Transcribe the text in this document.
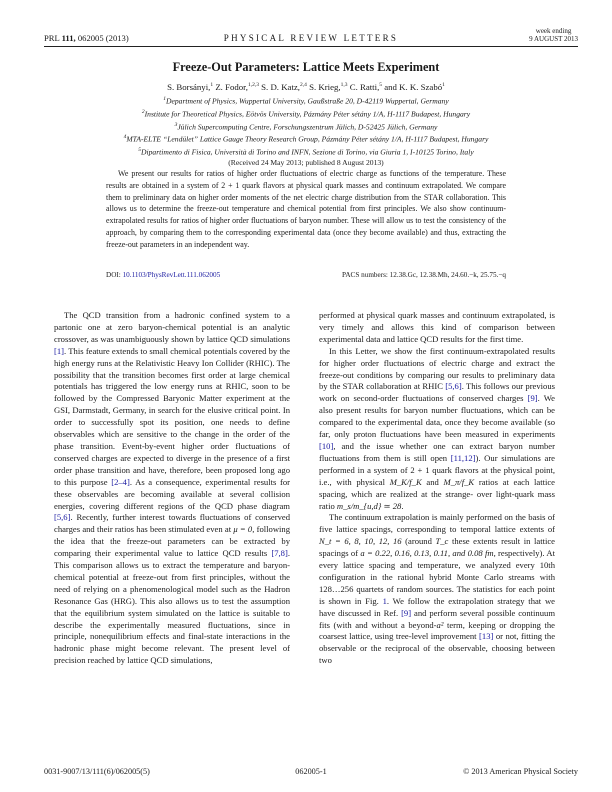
PRL 111, 062005 (2013)	PHYSICAL REVIEW LETTERS
week ending
9 AUGUST 2013
Freeze-Out Parameters: Lattice Meets Experiment
S. Borsányi,$^1$ Z. Fodor,$^{1,2,3}$ S. D. Katz,$^{2,4}$ S. Krieg,$^{1,3}$ C. Ratti,$^5$ and K. K. Szabó$^1$
$^1$Department of Physics, Wuppertal University, Gaußstraße 20, D-42119 Wuppertal, Germany
$^2$Institute for Theoretical Physics, Eötvös University, Pázmány Péter sétány 1/A, H-1117 Budapest, Hungary
$^3$Jülich Supercomputing Centre, Forschungszentrum Jülich, D-52425 Jülich, Germany
$^4$MTA-ELTE “Lendület” Lattice Gauge Theory Research Group, Pázmány Péter sétány 1/A, H-1117 Budapest, Hungary
$^5$Dipartimento di Fisica, Università di Torino and INFN, Sezione di Torino, via Giuria 1, I-10125 Torino, Italy
(Received 24 May 2013; published 8 August 2013)
We present our results for ratios of higher order fluctuations of electric charge as functions of the temperature. These results are obtained in a system of 2 + 1 quark flavors at physical quark masses and continuum extrapolated. We compare them to preliminary data on higher order moments of the net electric charge distribution from the STAR collaboration. This allows us to determine the freeze-out temperature and chemical potential from first principles. We also show continuum-extrapolated results for ratios of higher order fluctuations of baryon number. These will allow us to test the consistency of the approach, by comparing them to the corresponding experimental data (once they become available) and thus, extracting the freeze-out parameters in an independent way.
DOI: 10.1103/PhysRevLett.111.062005	PACS numbers: 12.38.Gc, 12.38.Mh, 24.60.−k, 25.75.−q

The QCD transition from a hadronic confined system to a partonic one at zero baryon-chemical potential is an analytic crossover, as was unambiguously shown by lattice QCD simulations [1]. This feature extends to small chemical potentials covered by the high energy runs at the Relativistic Heavy Ion Collider (RHIC). The possibility that the transition becomes first order at large chemical potentials has triggered the low energy runs at RHIC, soon to be followed by the Compressed Baryonic Matter experiment at the GSI, Darmstadt, Germany, in search for the elusive critical point. In order to successfully spot its position, one needs to define observables which are sensitive to the change in the order of the phase transition. Event-by-event higher order fluctuations of conserved charges are expected to diverge in the presence of a first order phase transition and have, therefore, been proposed long ago to this purpose [2–4]. As a consequence, experimental results for these observables are becoming available at several collision energies, covering different regions of the QCD phase diagram [5,6]. Recently, further interest towards fluctuations of conserved charges and their ratios has been stimulated even at μ = 0, following the idea that the freeze-out parameters can be extracted by comparing their experimental value to lattice QCD results [7,8]. This comparison allows us to extract the temperature and baryon-chemical potential at freeze-out from first principles, without the need of relying on a phenomenological model such as the Hadron Resonance Gas (HRG). This also allows us to test the assumption that the equilibrium system simulated on the lattice is suitable to describe the experimentally measured fluctuations, since in principle, nonequilibrium effects and final-state interactions in the hadronic phase might become relevant. The present level of precision reached by lattice QCD simulations,

performed at physical quark masses and continuum extrapolated, is very timely and allows this kind of comparison between experimental data and lattice QCD results for the first time.

In this Letter, we show the first continuum-extrapolated results for higher order fluctuations of electric charge and extract the freeze-out conditions by comparing our results to preliminary data by the STAR collaboration at RHIC [5,6]. This follows our previous work on second-order fluctuations of conserved charges [9]. We also present results for baryon number fluctuations, which can be compared to the experimental data, once they become available (so far, only proton fluctuations have been measured in experiments [10], and the issue whether one can extract baryon number fluctuations from them is still open [11,12]). Our simulations are performed in a system of 2 + 1 quark flavors at the physical point, i.e., with physical M_K/f_K and M_π/f_K ratios at each lattice spacing, which are realized at the strange- over light-quark mass ratio m_s/m_{u,d} ≃ 28.

The continuum extrapolation is mainly performed on the basis of five lattice spacings, corresponding to temporal lattice extents of N_t = 6, 8, 10, 12, 16 (around T_c these extents result in lattice spacings of a = 0.22, 0.16, 0.13, 0.11, and 0.08 fm, respectively). At every lattice spacing and temperature, we analyzed every 10th configuration in the rational hybrid Monte Carlo streams with 128…256 quartets of random sources. The statistics for each point is shown in Fig. 1. We follow the extrapolation strategy that we have discussed in Ref. [9] and perform several possible continuum fits (with and without a beyond-a² term, keeping or dropping the coarsest lattice, using tree-level improvement [13] or not, fitting the observable or the reciprocal of the observable, choosing between two

0031-9007/13/111(6)/062005(5)	062005-1	© 2013 American Physical Society
